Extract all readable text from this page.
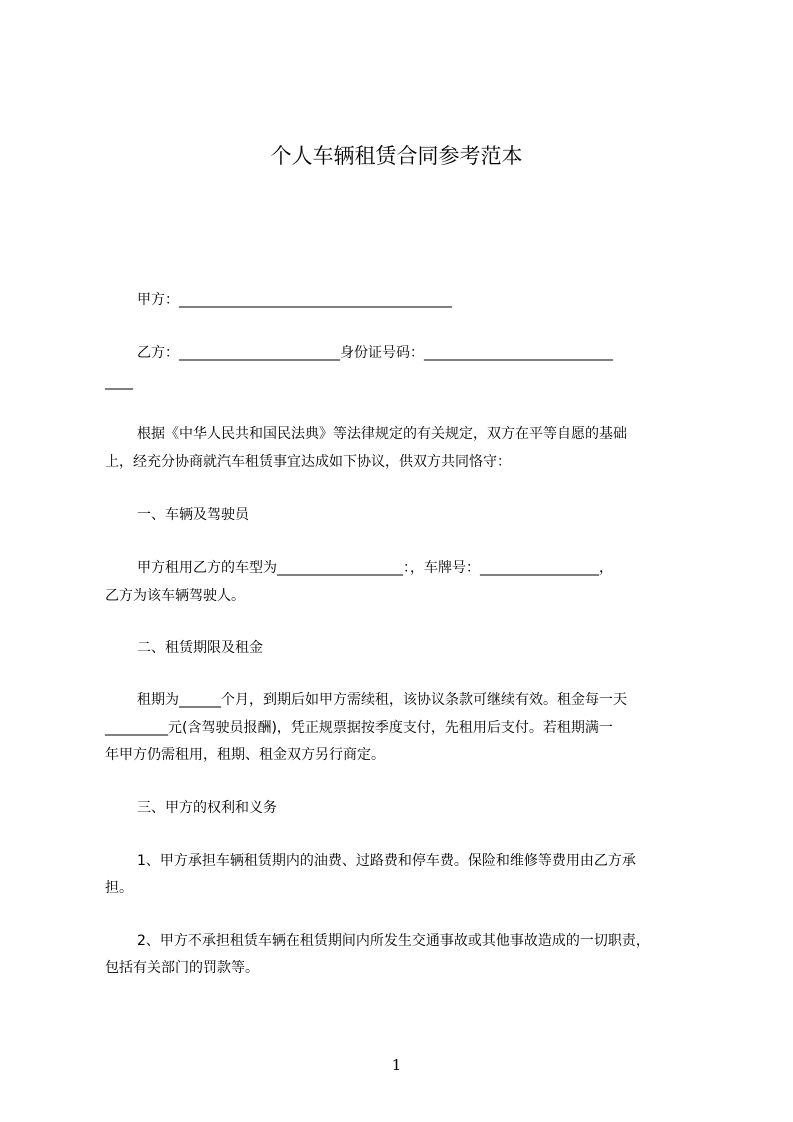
个人车辆租赁合同参考范本
甲方：_______________________________________
乙方：_______________________身份证号码：___________________________
____
根据《中华人民共和国民法典》等法律规定的有关规定，双方在平等自愿的基础
上，经充分协商就汽车租赁事宜达成如下协议，供双方共同恪守：
一、车辆及驾驶员
甲方租用乙方的车型为__________________：，车牌号：_________________，
乙方为该车辆驾驶人。
二、租赁期限及租金
租期为______个月，到期后如甲方需续租，该协议条款可继续有效。租金每一天
_________元(含驾驶员报酬)，凭正规票据按季度支付，先租用后支付。若租期满一
年甲方仍需租用，租期、租金双方另行商定。
三、甲方的权利和义务
1、甲方承担车辆租赁期内的油费、过路费和停车费。保险和维修等费用由乙方承
担。
2、甲方不承担租赁车辆在租赁期间内所发生交通事故或其他事故造成的一切职责，
包括有关部门的罚款等。
1
